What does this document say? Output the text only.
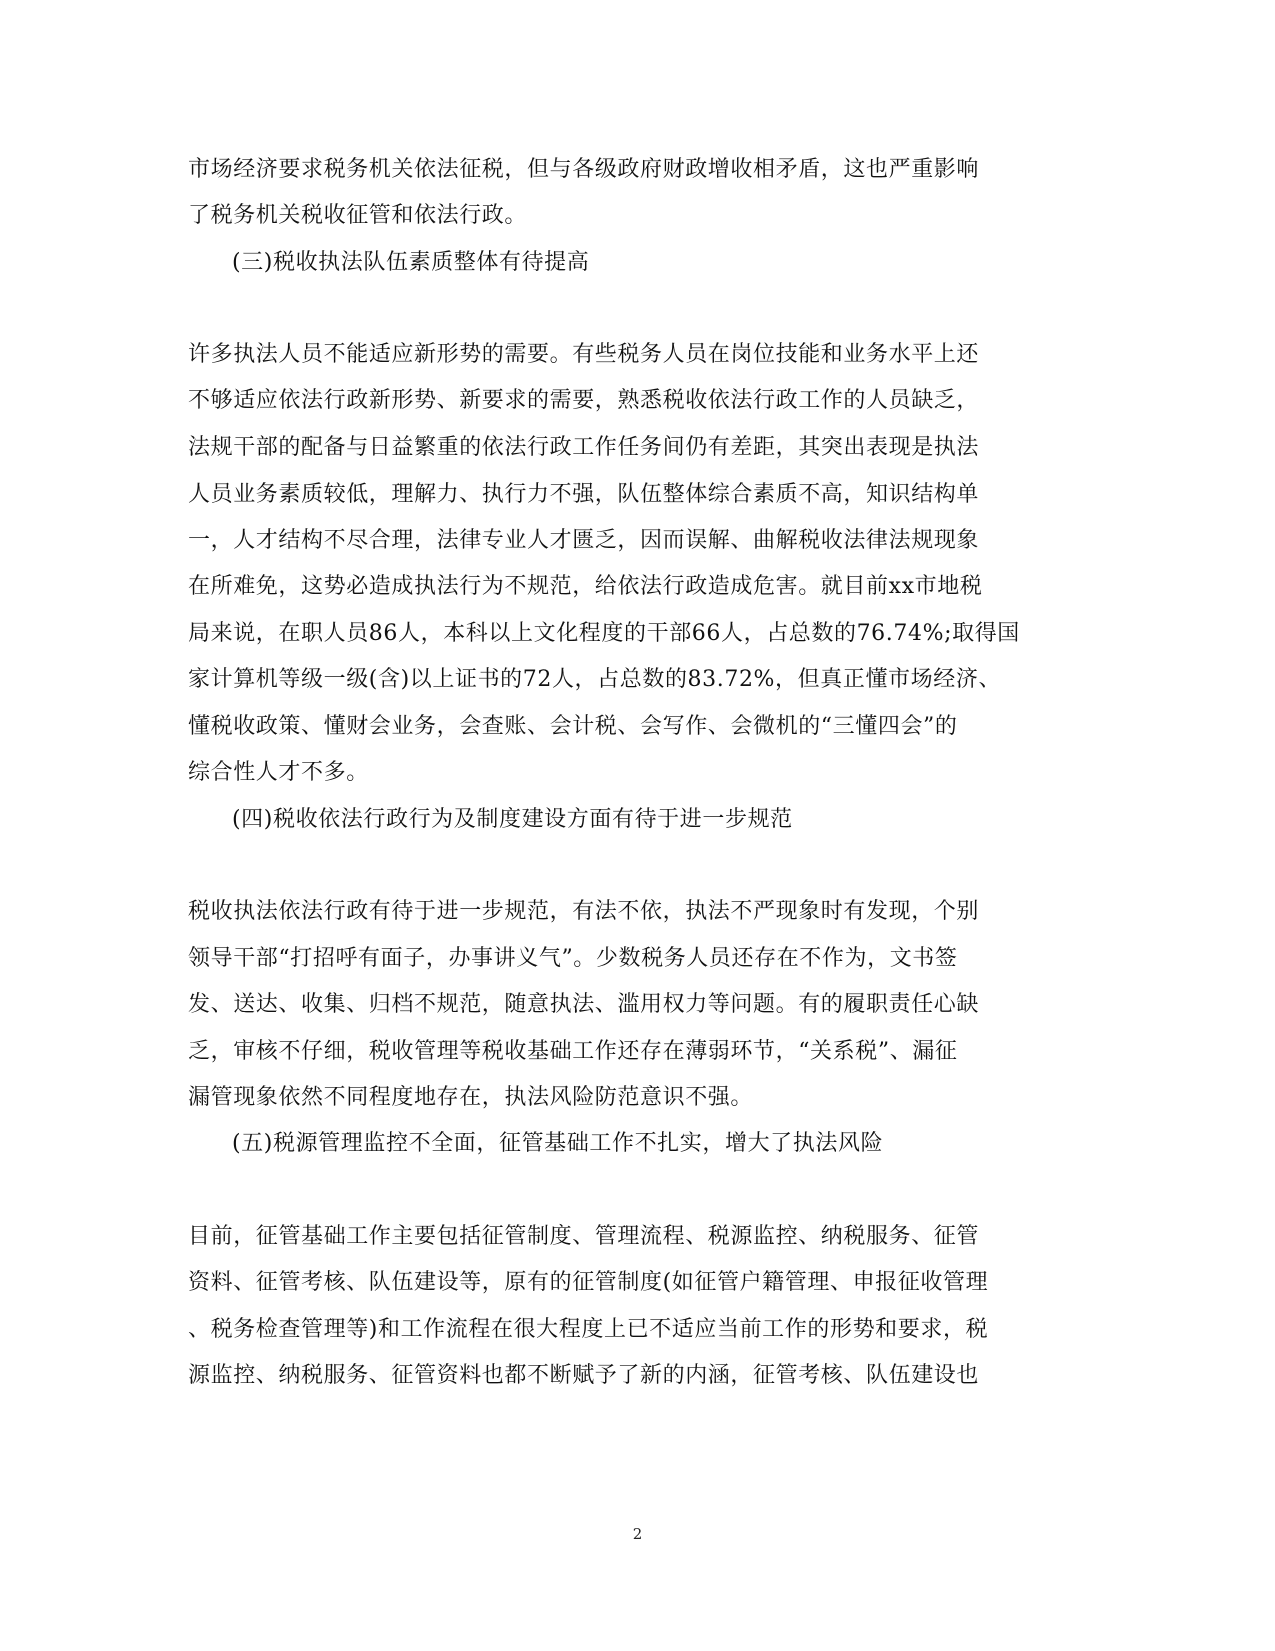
市场经济要求税务机关依法征税，但与各级政府财政增收相矛盾，这也严重影响
了税务机关税收征管和依法行政。
(三)税收执法队伍素质整体有待提高
许多执法人员不能适应新形势的需要。有些税务人员在岗位技能和业务水平上还
不够适应依法行政新形势、新要求的需要，熟悉税收依法行政工作的人员缺乏，
法规干部的配备与日益繁重的依法行政工作任务间仍有差距，其突出表现是执法
人员业务素质较低，理解力、执行力不强，队伍整体综合素质不高，知识结构单
一，人才结构不尽合理，法律专业人才匮乏，因而误解、曲解税收法律法规现象
在所难免，这势必造成执法行为不规范，给依法行政造成危害。就目前xx市地税
局来说，在职人员86人，本科以上文化程度的干部66人，占总数的76.74%;取得国
家计算机等级一级(含)以上证书的72人，占总数的83.72%，但真正懂市场经济、
懂税收政策、懂财会业务，会查账、会计税、会写作、会微机的“三懂四会”的
综合性人才不多。
(四)税收依法行政行为及制度建设方面有待于进一步规范
税收执法依法行政有待于进一步规范，有法不依，执法不严现象时有发现，个别
领导干部“打招呼有面子，办事讲义气”。少数税务人员还存在不作为，文书签
发、送达、收集、归档不规范，随意执法、滥用权力等问题。有的履职责任心缺
乏，审核不仔细，税收管理等税收基础工作还存在薄弱环节，“关系税”、漏征
漏管现象依然不同程度地存在，执法风险防范意识不强。
(五)税源管理监控不全面，征管基础工作不扎实，增大了执法风险
目前，征管基础工作主要包括征管制度、管理流程、税源监控、纳税服务、征管
资料、征管考核、队伍建设等，原有的征管制度(如征管户籍管理、申报征收管理
、税务检查管理等)和工作流程在很大程度上已不适应当前工作的形势和要求，税
源监控、纳税服务、征管资料也都不断赋予了新的内涵，征管考核、队伍建设也
2
